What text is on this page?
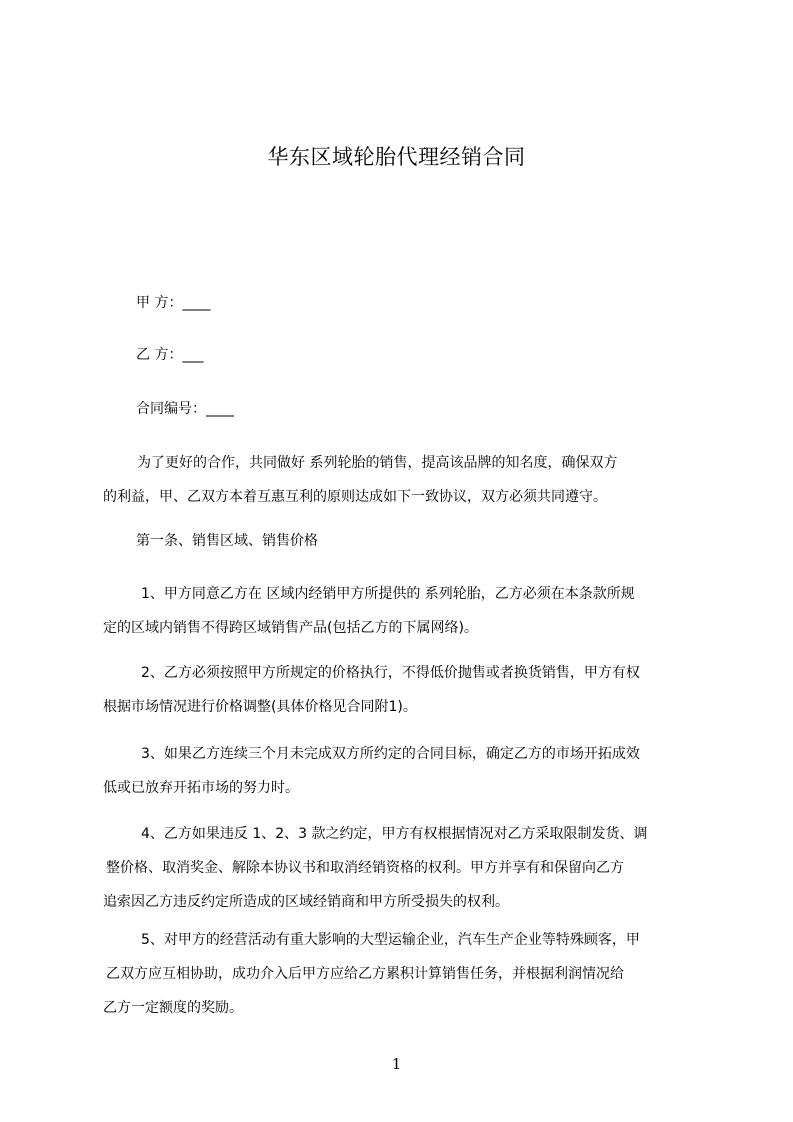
华东区域轮胎代理经销合同
甲 方：____
乙 方：___
合同编号：____
为了更好的合作，共同做好 系列轮胎的销售，提高该品牌的知名度，确保双方
的利益，甲、乙双方本着互惠互利的原则达成如下一致协议，双方必须共同遵守。
第一条、销售区域、销售价格
1、甲方同意乙方在 区域内经销甲方所提供的 系列轮胎，乙方必须在本条款所规
定的区域内销售不得跨区域销售产品(包括乙方的下属网络)。
2、乙方必须按照甲方所规定的价格执行，不得低价抛售或者换货销售，甲方有权
根据市场情况进行价格调整(具体价格见合同附1)。
3、如果乙方连续三个月未完成双方所约定的合同目标，确定乙方的市场开拓成效
低或已放弃开拓市场的努力时。
4、乙方如果违反 1、2、3 款之约定，甲方有权根据情况对乙方采取限制发货、调
整价格、取消奖金、解除本协议书和取消经销资格的权利。甲方并享有和保留向乙方
追索因乙方违反约定所造成的区域经销商和甲方所受损失的权利。
5、对甲方的经营活动有重大影响的大型运输企业，汽车生产企业等特殊顾客，甲
乙双方应互相协助，成功介入后甲方应给乙方累积计算销售任务，并根据利润情况给
乙方一定额度的奖励。
1
